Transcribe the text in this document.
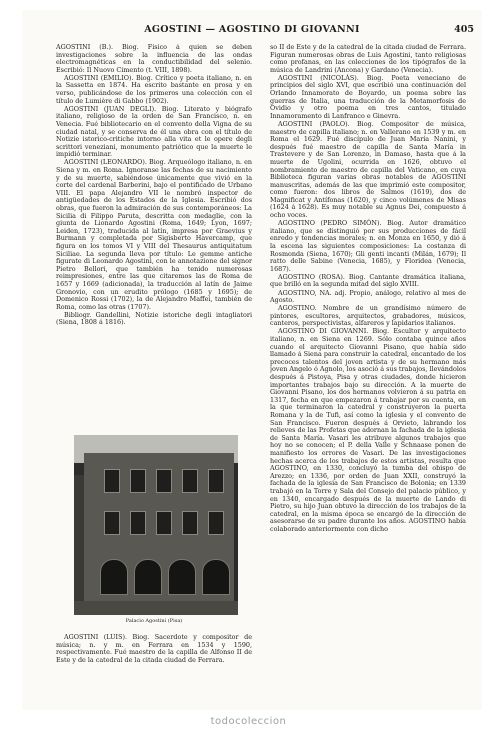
AGOSTINI — AGOSTINO DI GIOVANNI	405

AGOSTINI (B.). Biog. Físico á quien se deben investigaciones sobre la influencia de las ondas electromagnéticas en la conductibilidad del selenio. Escribió: Il Nuovo Cimento (t. VIII, 1898).

AGOSTINI (EMILIO). Biog. Crítico y poeta italiano, n. en la Sassetta en 1874. Ha escrito bastante en prosa y en verso, publicándose de los primeros una colección con el título de Lumière di Gabbo (1902).

AGOSTINI (JUAN DEGLI). Biog. Literato y biógrafo italiano, religioso de la orden de San Francisco, n. en Venecia. Fué bibliotecario en el convento della Vigna de su ciudad natal, y se conserva de él una obra con el título de Notizie istorico-critiche intorno alla vita et le opere degli scrittori veneziani, monumento patriótico que la muerte le impidió terminar.

AGOSTINI (LEONARDO). Biog. Arqueólogo italiano, n. en Siena y m. en Roma. Ignoranse las fechas de su nacimiento y de su muerte, sabiéndose únicamente que vivió en la corte del cardenal Barberini, bajo el pontificado de Urbano VIII. El papa Alejandro VII le nombró inspector de antigüedades de los Estados de la Iglesia. Escribió dos obras, que fueron la admiración de sus contemporáneos: La Sicilia di Filippo Paruta, descritta con medaglie, con la giunta de Lionardo Agostini (Roma, 1649; Lyon, 1697; Leiden, 1723), traducida al latín, impresa por Graevius y Burmann y completada por Sigisberto Havercamp, que figura en los tomos VI y VIII del Thesaurus antiquitatum Siciliae. La segunda lleva por título: Le gemme antiche figurate di Leonardo Agostini, con le annotazione del signor Pietro Bellori, que también ha tenido numerosas reimpresiones, entre las que citaremos las de Roma de 1657 y 1669 (adicionada), la traducción al latín de Jaime Gronovio, con un erudito prólogo (1685 y 1695); de Domenico Rossi (1702), la de Alejandro Maffei, también de Roma, como las otras (1707).

Bibliogr. Gandellini, Notizie istoriche degli intagliatori (Siena, 1808 á 1816).

Palacio Agostini (Pisa)

AGOSTINI (LUIS). Biog. Sacerdote y compositor de música; n. y m. en Ferrara en 1534 y 1590, respectivamente. Fué maestro de la capilla de Alfonso II de Este y de la catedral de la citada ciudad de Ferrara.

so II de Este y de la catedral de la citada ciudad de Ferrara. Figuran numerosas obras de Luis Agostini, tanto religiosas como profanas, en las colecciones de los tipógrafos de la música de Landrini (Ancona) y Gardano (Venecia).

AGOSTINI (NICOLÁS). Biog. Poeta veneciano de principios del siglo XVI, que escribió una continuación del Orlando Innamorato de Boyardo, un poema sobre las guerras de Italia, una traducción de la Metamorfosis de Ovidio y otro poema en tres cantos, titulado Innamoramento di Lanfranco e Ginevra.

AGOSTINI (PAOLO). Biog. Compositor de música, maestro de capilla italiano; n. en Vallerano en 1539 y m. en Roma el 1629. Fué discípulo de Juan María Nanini, y después fué maestro de capilla de Santa María in Trastevere y de San Lorenzo, in Damaso, hasta que á la muerte de Ugolini, ocurrida en 1626, obtuvo el nombramiento de maestro de capilla del Vaticano, en cuya Biblioteca figuran varias obras notables de AGOSTINI manuscritas, además de las que imprimió este compositor, como fueron: dos libros de Salmos (1619), dos de Magnificat y Antífonas (1620), y cinco volúmenes de Misas (1624 á 1628). Es muy notable su Agnus Dei, compuesto á ocho voces.

AGOSTINO (PEDRO SIMÓN). Biog. Autor dramático italiano, que se distinguió por sus producciones de fácil enredo y tendencias morales; n. en Monza en 1650, y dió á la escena las siguientes composiciones: La costanza di Rosmonda (Siena, 1670); Gli genti incanti (Milán, 1679); Il ratto delle Sabine (Venecia, 1685), y Floridea (Venecia, 1687).

AGOSTINO (ROSA). Biog. Cantante dramática italiana, que brilló en la segunda mitad del siglo XVIII.

AGOSTINO, NA. adj. Propio, análogo, relativo al mes de Agosto.

AGOSTINO. Nombre de un grandísimo número de pintores, escultores, arquitectos, grabadores, músicos, canteros, perspectivistas, alfareros y lapidarios italianos.

AGOSTINO DI GIOVANNI. Biog. Escultor y arquitecto italiano, n. en Siena en 1269. Sólo contaba quince años cuando el arquitecto Giovanni Pisano, que había sido llamado á Siena para construir la catedral, encantado de los precoces talentos del joven artista y de su hermano más joven Angelo ó Agnolo, los asoció á sus trabajos, llevándolos después á Pistoya, Pisa y otras ciudades, donde hicieron importantes trabajos bajo su dirección. A la muerte de Giovanni Pisano, los dos hermanos volvieron á su patria en 1317, fecha en que empezaron á trabajar por su cuenta, en la que terminaron la catedral y construyeron la puerta Romana y la de Tufi, así como la iglesia y el convento de San Francisco. Fueron después á Orvieto, labrando los relieves de las Profetas que adornan la fachada de la iglesia de Santa María. Vasari les atribuye algunos trabajos que hoy no se conocen; el P. della Valle y Schnaase ponen de manifiesto los errores de Vasari. De las investigaciones hechas acerca de los trabajos de estos artistas, resulta que AGOSTINO, en 1330, concluyó la tumba del obispo de Arezzo; en 1336, por orden de Juan XXII, construyó la fachada de la iglesia de San Francisco de Bolonia; en 1339 trabajó en la Torre y Sala del Consejo del palacio público, y en 1340, encargado después de la muerte de Lando di Pietro, su hijo Juan obtuvo la dirección de los trabajos de la catedral, en la misma época se encargó de la dirección de asesorarse de su padre durante los años. AGOSTINO había colaborado anteriormente con dicho

todocoleccion
